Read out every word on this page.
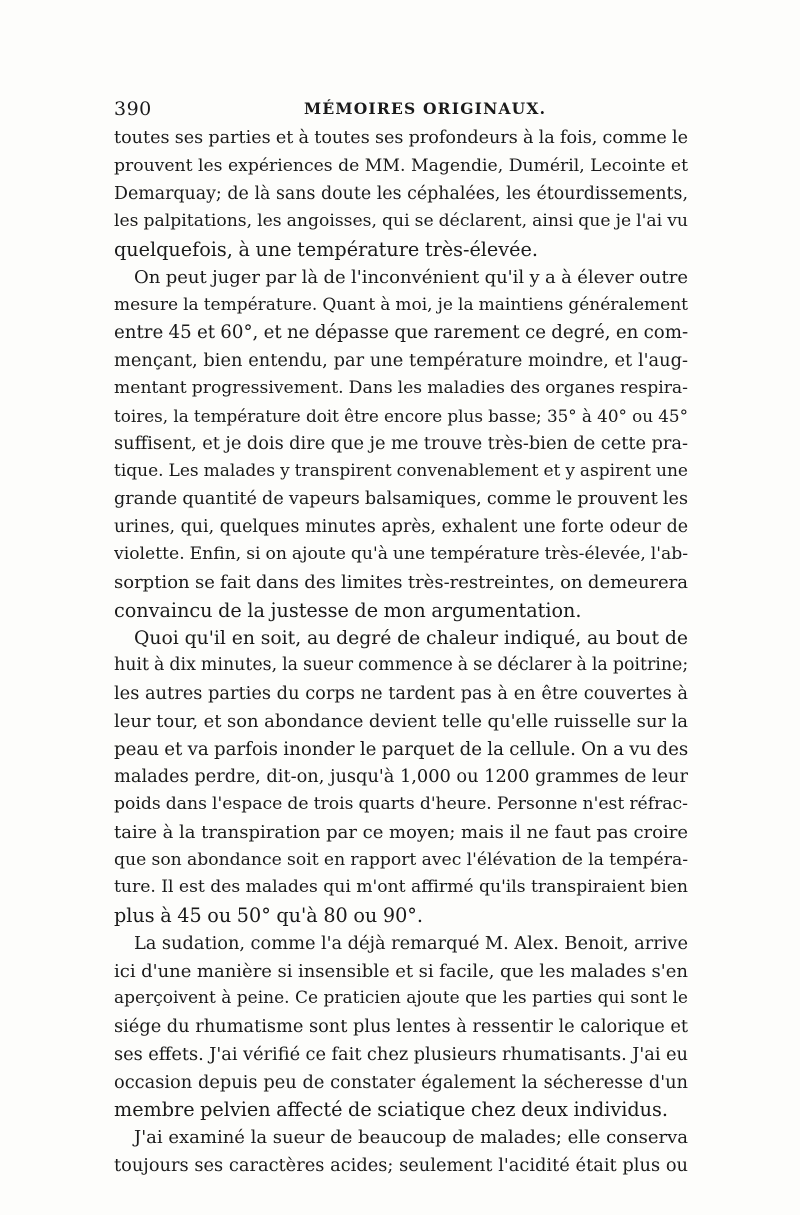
390	MÉMOIRES ORIGINAUX.
toutes ses parties et à toutes ses profondeurs à la fois, comme le
prouvent les expériences de MM. Magendie, Duméril, Lecointe et
Demarquay; de là sans doute les céphalées, les étourdissements,
les palpitations, les angoisses, qui se déclarent, ainsi que je l'ai vu
quelquefois, à une température très-élevée.
On peut juger par là de l'inconvénient qu'il y a à élever outre
mesure la température. Quant à moi, je la maintiens généralement
entre 45 et 60°, et ne dépasse que rarement ce degré, en com-
mençant, bien entendu, par une température moindre, et l'aug-
mentant progressivement. Dans les maladies des organes respira-
toires, la température doit être encore plus basse; 35° à 40° ou 45°
suffisent, et je dois dire que je me trouve très-bien de cette pra-
tique. Les malades y transpirent convenablement et y aspirent une
grande quantité de vapeurs balsamiques, comme le prouvent les
urines, qui, quelques minutes après, exhalent une forte odeur de
violette. Enfin, si on ajoute qu'à une température très-élevée, l'ab-
sorption se fait dans des limites très-restreintes, on demeurera
convaincu de la justesse de mon argumentation.
Quoi qu'il en soit, au degré de chaleur indiqué, au bout de
huit à dix minutes, la sueur commence à se déclarer à la poitrine;
les autres parties du corps ne tardent pas à en être couvertes à
leur tour, et son abondance devient telle qu'elle ruisselle sur la
peau et va parfois inonder le parquet de la cellule. On a vu des
malades perdre, dit-on, jusqu'à 1,000 ou 1200 grammes de leur
poids dans l'espace de trois quarts d'heure. Personne n'est réfrac-
taire à la transpiration par ce moyen; mais il ne faut pas croire
que son abondance soit en rapport avec l'élévation de la tempéra-
ture. Il est des malades qui m'ont affirmé qu'ils transpiraient bien
plus à 45 ou 50° qu'à 80 ou 90°.
La sudation, comme l'a déjà remarqué M. Alex. Benoit, arrive
ici d'une manière si insensible et si facile, que les malades s'en
aperçoivent à peine. Ce praticien ajoute que les parties qui sont le
siége du rhumatisme sont plus lentes à ressentir le calorique et
ses effets. J'ai vérifié ce fait chez plusieurs rhumatisants. J'ai eu
occasion depuis peu de constater également la sécheresse d'un
membre pelvien affecté de sciatique chez deux individus.
J'ai examiné la sueur de beaucoup de malades; elle conserva
toujours ses caractères acides; seulement l'acidité était plus ou
